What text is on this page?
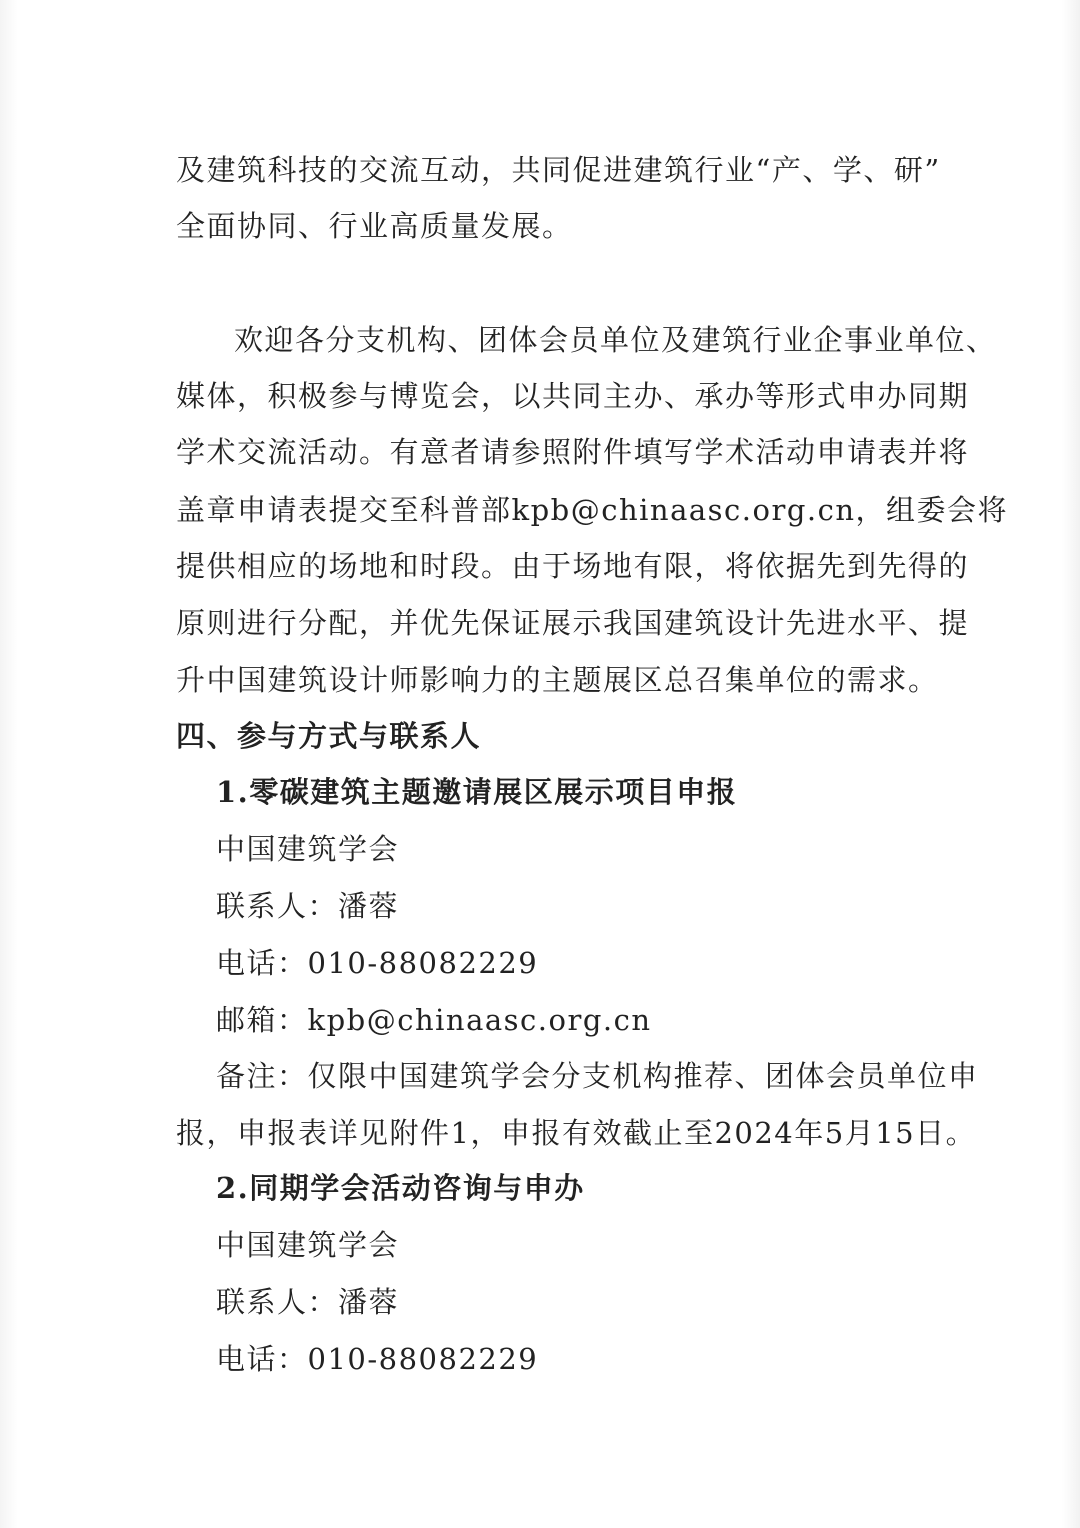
及建筑科技的交流互动，共同促进建筑行业“产、学、研”
全面协同、行业高质量发展。
欢迎各分支机构、团体会员单位及建筑行业企事业单位、
媒体，积极参与博览会，以共同主办、承办等形式申办同期
学术交流活动。有意者请参照附件填写学术活动申请表并将
盖章申请表提交至科普部kpb@chinaasc.org.cn，组委会将
提供相应的场地和时段。由于场地有限，将依据先到先得的
原则进行分配，并优先保证展示我国建筑设计先进水平、提
升中国建筑设计师影响力的主题展区总召集单位的需求。
四、参与方式与联系人
1.零碳建筑主题邀请展区展示项目申报
中国建筑学会
联系人：潘蓉
电话：010-88082229
邮箱：kpb@chinaasc.org.cn
备注：仅限中国建筑学会分支机构推荐、团体会员单位申
报，申报表详见附件1，申报有效截止至2024年5月15日。
2.同期学会活动咨询与申办
中国建筑学会
联系人：潘蓉
电话：010-88082229
